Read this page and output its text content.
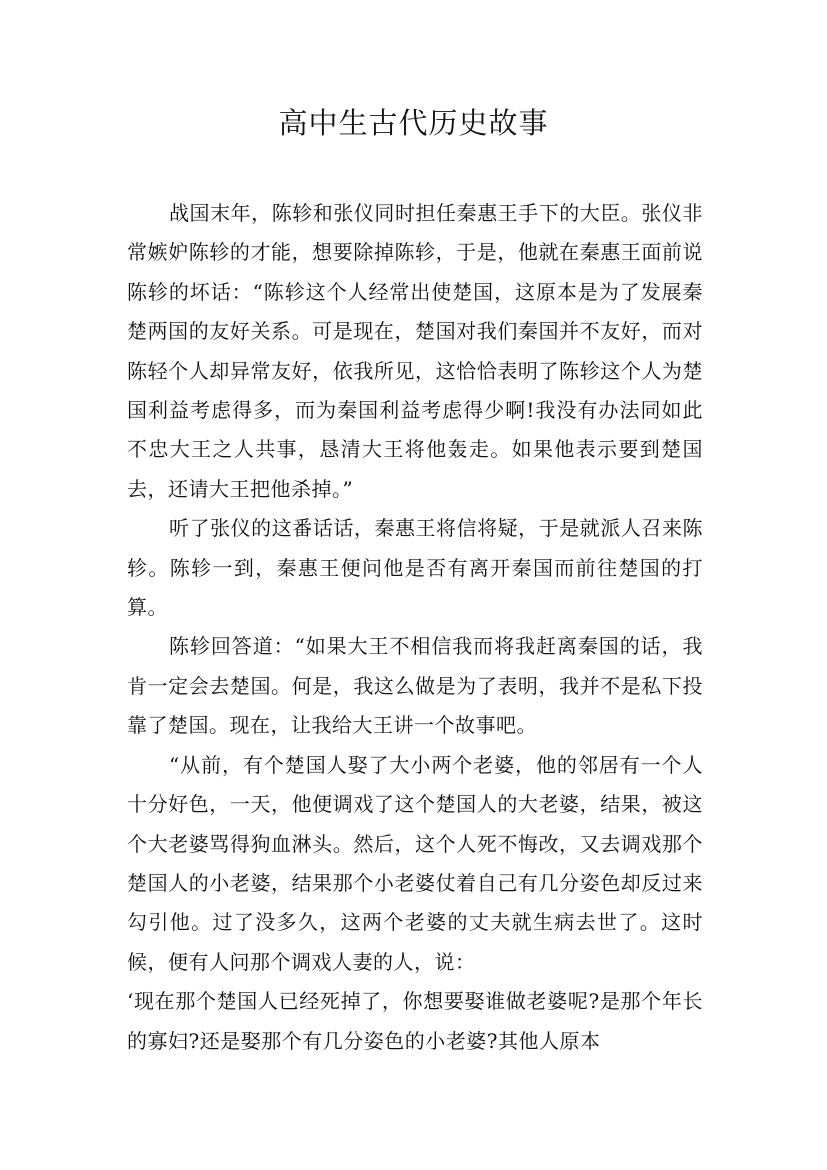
高中生古代历史故事

战国末年，陈轸和张仪同时担任秦惠王手下的大臣。张仪非常嫉妒陈轸的才能，想要除掉陈轸，于是，他就在秦惠王面前说陈轸的坏话：“陈轸这个人经常出使楚国，这原本是为了发展秦楚两国的友好关系。可是现在，楚国对我们秦国并不友好，而对陈轻个人却异常友好，依我所见，这恰恰表明了陈轸这个人为楚国利益考虑得多，而为秦国利益考虑得少啊!我没有办法同如此不忠大王之人共事，恳清大王将他轰走。如果他表示要到楚国去，还请大王把他杀掉。”

听了张仪的这番话话，秦惠王将信将疑，于是就派人召来陈轸。陈轸一到，秦惠王便问他是否有离开秦国而前往楚国的打算。

陈轸回答道：“如果大王不相信我而将我赶离秦国的话，我肯一定会去楚国。何是，我这么做是为了表明，我并不是私下投靠了楚国。现在，让我给大王讲一个故事吧。

“从前，有个楚国人娶了大小两个老婆，他的邻居有一个人十分好色，一天，他便调戏了这个楚国人的大老婆，结果，被这个大老婆骂得狗血淋头。然后，这个人死不悔改，又去调戏那个楚国人的小老婆，结果那个小老婆仗着自己有几分姿色却反过来勾引他。过了没多久，这两个老婆的丈夫就生病去世了。这时候，便有人问那个调戏人妻的人，说：

‘现在那个楚国人已经死掉了，你想要娶谁做老婆呢?是那个年长的寡妇?还是娶那个有几分姿色的小老婆?其他人原本
